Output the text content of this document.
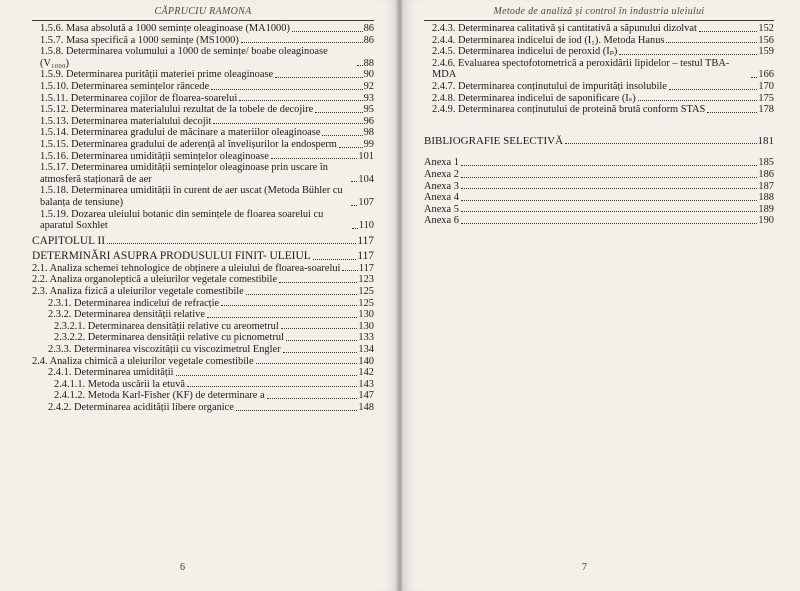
CĂPRUCIU RAMONA
1.5.6. Masa absolută a 1000 semințe oleaginoase (MA1000)	86
1.5.7. Masa specifică a 1000 semințe (MS1000)	86
1.5.8. Determinarea volumului a 1000 de semințe/ boabe oleaginoase (V₁₀₀₀)	88
1.5.9. Determinarea purității materiei prime oleaginoase	90
1.5.10. Determinarea semințelor râncede	92
1.5.11. Determinarea cojilor de floarea-soarelui	93
1.5.12. Determinarea materialului rezultat de la tobele de decojire	95
1.5.13. Determinarea materialului decojit	96
1.5.14. Determinarea gradului de măcinare a materiilor oleaginoase	98
1.5.15. Determinarea gradului de aderență al învelișurilor la endosperm	99
1.5.16. Determinarea umidității semințelor oleaginoase	101
1.5.17. Determinarea umidității semințelor oleaginoase prin uscare în atmosferă staționară de aer	104
1.5.18. Determinarea umidității în curent de aer uscat (Metoda Bühler cu balanța de tensiune)	107
1.5.19. Dozarea uleiului botanic din semințele de floarea soarelui cu aparatul Soxhlet	110
CAPITOLUL II	117
DETERMINĂRI ASUPRA PRODUSULUI FINIT- ULEIUL	117
2.1. Analiza schemei tehnologice de obținere a uleiului de floarea-soarelui 117
2.2. Analiza organoleptică a uleiurilor vegetale comestibile	123
2.3. Analiza fizică a uleiurilor vegetale comestibile	125
2.3.1. Determinarea indicelui de refracție	125
2.3.2. Determinarea densității relative	130
2.3.2.1. Determinarea densității relative cu areometrul	130
2.3.2.2. Determinarea densității relative cu picnometrul	133
2.3.3. Determinarea viscozității cu viscozimetrul Engler	134
2.4. Analiza chimică a uleiurilor vegetale comestibile	140
2.4.1. Determinarea umidității	142
2.4.1.1. Metoda uscării la etuvă	143
2.4.1.2. Metoda Karl-Fisher (KF) de determinare a	147
2.4.2. Determinarea acidității libere organice	148
6
Metode de analiză și control în industria uleiului
2.4.3. Determinarea calitativă și cantitativă a săpunului dizolvat	152
2.4.4. Determinarea indicelui de iod (I₁). Metoda Hanus	156
2.4.5. Determinarea indicelui de peroxid (Iₚ)	159
2.4.6. Evaluarea spectofotometrică a peroxidării lipidelor – testul TBA-MDA	166
2.4.7. Determinarea conținutului de impurități insolubile	170
2.4.8. Determinarea indicelui de saponificare (Iₛ)	175
2.4.9. Determinarea conținutului de proteină brută conform STAS	178
BIBLIOGRAFIE SELECTIVĂ	181
Anexa 1	185
Anexa 2	186
Anexa 3	187
Anexa 4	188
Anexa 5	189
Anexa 6	190
7
